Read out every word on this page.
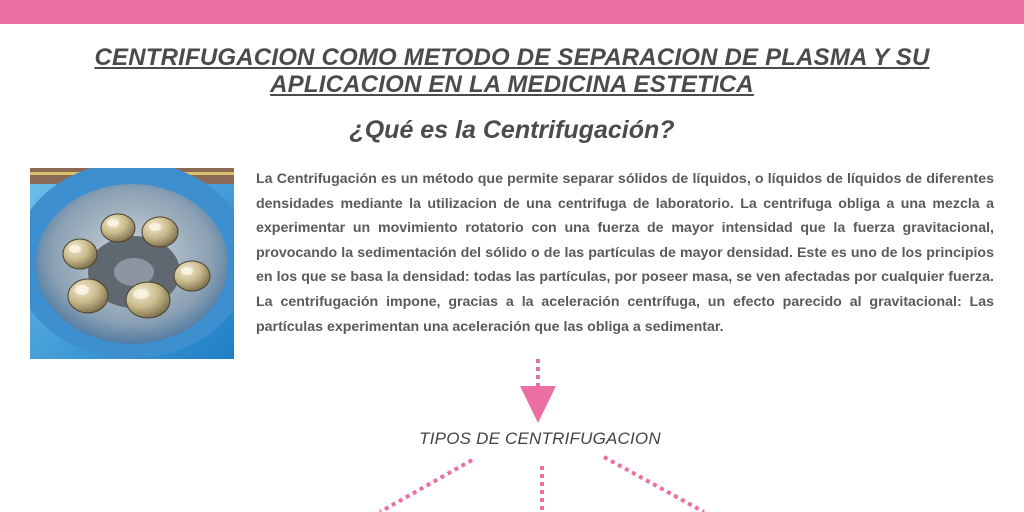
CENTRIFUGACION COMO METODO DE SEPARACION DE PLASMA Y SU
APLICACION EN LA MEDICINA ESTETICA
¿Qué es la Centrifugación?

La Centrifugación es un método que permite separar sólidos de líquidos, o líquidos de líquidos de diferentes densidades mediante la utilizacion de una centrifuga de laboratorio. La centrifuga obliga a una mezcla a experimentar un movimiento rotatorio con una fuerza de mayor intensidad que la fuerza gravitacional, provocando la sedimentación del sólido o de las partículas de mayor densidad. Este es uno de los principios en los que se basa la densidad: todas las partículas, por poseer masa, se ven afectadas por cualquier fuerza. La centrifugación impone, gracias a la aceleración centrífuga, un efecto parecido al gravitacional: Las partículas experimentan una aceleración que las obliga a sedimentar.

TIPOS DE CENTRIFUGACION
